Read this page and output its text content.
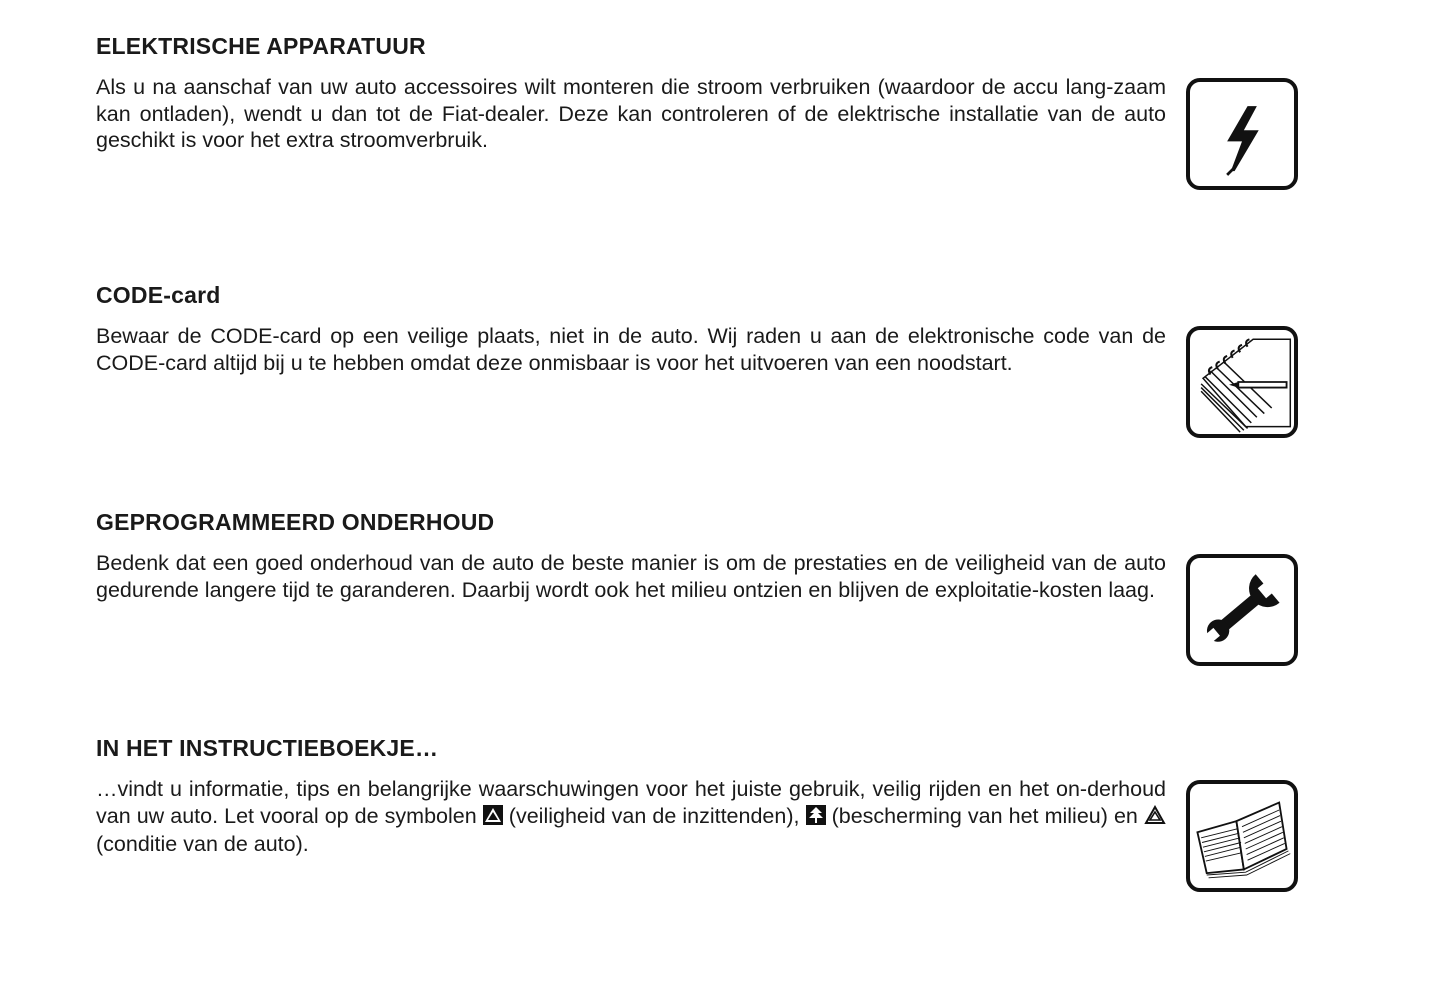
ELEKTRISCHE APPARATUUR

Als u na aanschaf van uw auto accessoires wilt monteren die stroom verbruiken (waardoor de accu lang-zaam kan ontladen), wendt u dan tot de Fiat-dealer. Deze kan controleren of de elektrische installatie van de auto geschikt is voor het extra stroomverbruik.

CODE-card

Bewaar de CODE-card op een veilige plaats, niet in de auto. Wij raden u aan de elektronische code van de CODE-card altijd bij u te hebben omdat deze onmisbaar is voor het uitvoeren van een noodstart.

GEPROGRAMMEERD ONDERHOUD

Bedenk dat een goed onderhoud van de auto de beste manier is om de prestaties en de veiligheid van de auto gedurende langere tijd te garanderen. Daarbij wordt ook het milieu ontzien en blijven de exploitatie-kosten laag.

IN HET INSTRUCTIEBOEKJE…

…vindt u informatie, tips en belangrijke waarschuwingen voor het juiste gebruik, veilig rijden en het on-derhoud van uw auto. Let vooral op de symbolen (veiligheid van de inzittenden), (bescherming van het milieu) en  (conditie van de auto).
